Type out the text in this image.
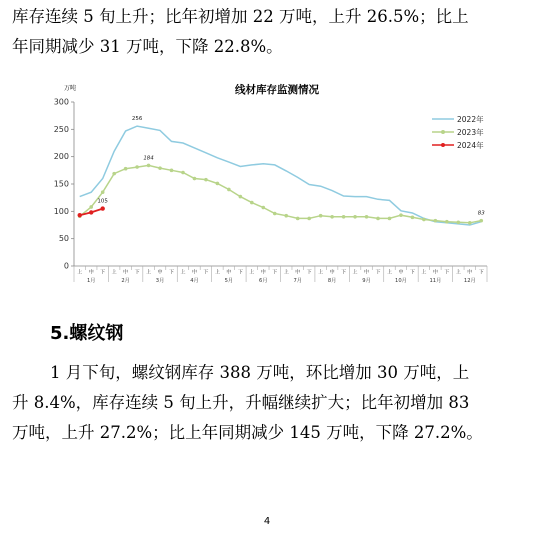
库存连续 5 旬上升；比年初增加 22 万吨，上升 26.5%；比上
年同期减少 31 万吨，下降 22.8%。

线材库存监测情况
万吨
0
50
100
150
200
250
300
上 中 下 上 中 下 上 中 下 上 中 下 上 中 下 上 中 下 上 中 下 上 中 下 上 中 下 上 中 下 上 中 下 上 中 下
1月	2月	3月	4月	5月	6月	7月	8月	9月	10月	11月	12月
256
184
83
105
2022年
2023年
2024年

5.螺纹钢

1 月下旬，螺纹钢库存 388 万吨，环比增加 30 万吨，上
升 8.4%，库存连续 5 旬上升，升幅继续扩大；比年初增加 83
万吨，上升 27.2%；比上年同期减少 145 万吨，下降 27.2%。

4
